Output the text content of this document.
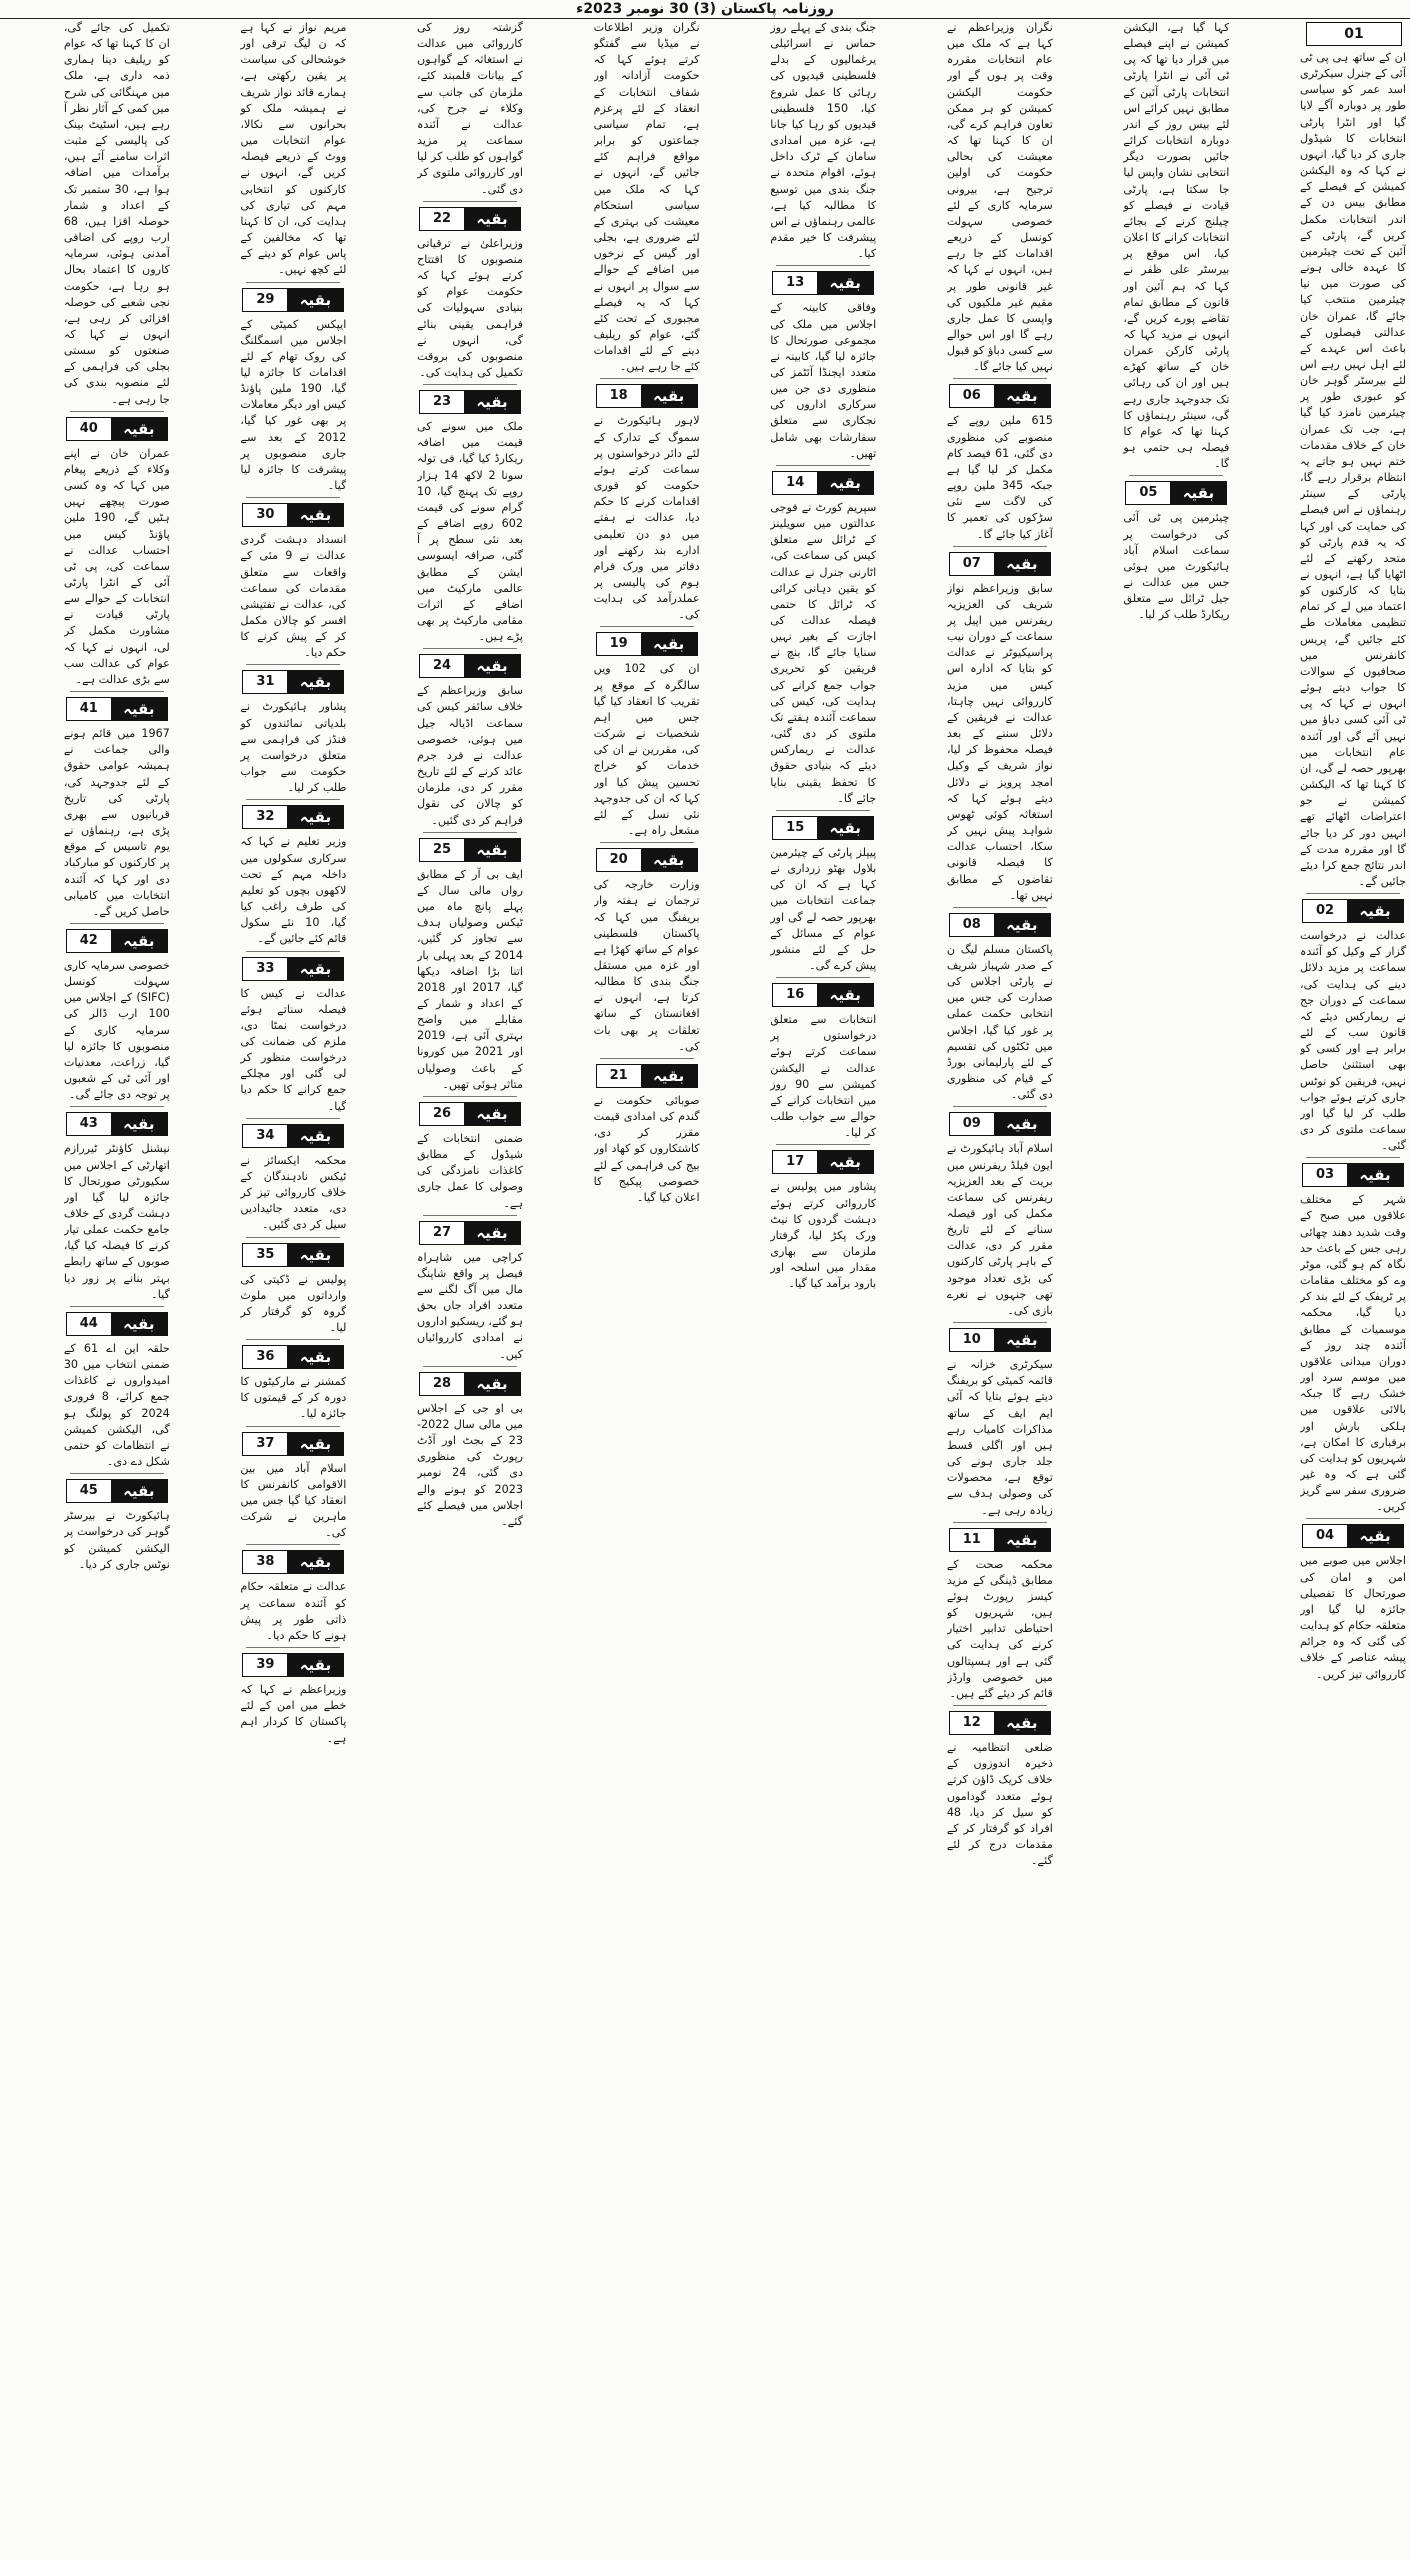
روزنامہ پاکستان (3) 30 نومبر 2023ء
01

ان کے ساتھ ہی پی ٹی آئی کے جنرل سیکرٹری اسد عمر کو سیاسی طور پر دوبارہ آگے لایا گیا اور انٹرا پارٹی انتخابات کا شیڈول جاری کر دیا گیا، انہوں نے کہا کہ وہ الیکشن کمیشن کے فیصلے کے مطابق بیس دن کے اندر انتخابات مکمل کریں گے، پارٹی کے آئین کے تحت چیئرمین کا عہدہ خالی ہونے کی صورت میں نیا چیئرمین منتخب کیا جائے گا، عمران خان عدالتی فیصلوں کے باعث اس عہدے کے لئے اہل نہیں رہے اس لئے بیرسٹر گوہر خان کو عبوری طور پر چیئرمین نامزد کیا گیا ہے، جب تک عمران خان کے خلاف مقدمات ختم نہیں ہو جاتے یہ انتظام برقرار رہے گا، پارٹی کے سینئر رہنماؤں نے اس فیصلے کی حمایت کی اور کہا کہ یہ قدم پارٹی کو متحد رکھنے کے لئے اٹھایا گیا ہے، انہوں نے بتایا کہ کارکنوں کو اعتماد میں لے کر تمام تنظیمی معاملات طے کئے جائیں گے، پریس کانفرنس میں صحافیوں کے سوالات کا جواب دیتے ہوئے انہوں نے کہا کہ پی ٹی آئی کسی دباؤ میں نہیں آئے گی اور آئندہ عام انتخابات میں بھرپور حصہ لے گی، ان کا کہنا تھا کہ الیکشن کمیشن نے جو اعتراضات اٹھائے تھے انہیں دور کر دیا جائے گا اور مقررہ مدت کے اندر نتائج جمع کرا دیئے جائیں گے۔

بقیہ
02

عدالت نے درخواست گزار کے وکیل کو آئندہ سماعت پر مزید دلائل دینے کی ہدایت کی، سماعت کے دوران جج نے ریمارکس دیئے کہ قانون سب کے لئے برابر ہے اور کسی کو بھی استثنیٰ حاصل نہیں، فریقین کو نوٹس جاری کرتے ہوئے جواب طلب کر لیا گیا اور سماعت ملتوی کر دی گئی۔

بقیہ
03

شہر کے مختلف علاقوں میں صبح کے وقت شدید دھند چھائی رہی جس کے باعث حد نگاہ کم ہو گئی، موٹر وے کو مختلف مقامات پر ٹریفک کے لئے بند کر دیا گیا، محکمہ موسمیات کے مطابق آئندہ چند روز کے دوران میدانی علاقوں میں موسم سرد اور خشک رہے گا جبکہ بالائی علاقوں میں ہلکی بارش اور برفباری کا امکان ہے، شہریوں کو ہدایت کی گئی ہے کہ وہ غیر ضروری سفر سے گریز کریں۔

بقیہ
04

اجلاس میں صوبے میں امن و امان کی صورتحال کا تفصیلی جائزہ لیا گیا اور متعلقہ حکام کو ہدایت کی گئی کہ وہ جرائم پیشہ عناصر کے خلاف کارروائی تیز کریں۔

کہا گیا ہے، الیکشن کمیشن نے اپنے فیصلے میں قرار دیا تھا کہ پی ٹی آئی نے انٹرا پارٹی انتخابات پارٹی آئین کے مطابق نہیں کرائے اس لئے بیس روز کے اندر دوبارہ انتخابات کرائے جائیں بصورت دیگر انتخابی نشان واپس لیا جا سکتا ہے، پارٹی قیادت نے فیصلے کو چیلنج کرنے کے بجائے انتخابات کرانے کا اعلان کیا، اس موقع پر بیرسٹر علی ظفر نے کہا کہ ہم آئین اور قانون کے مطابق تمام تقاضے پورے کریں گے، انہوں نے مزید کہا کہ پارٹی کارکن عمران خان کے ساتھ کھڑے ہیں اور ان کی رہائی تک جدوجہد جاری رہے گی، سینئر رہنماؤں کا کہنا تھا کہ عوام کا فیصلہ ہی حتمی ہو گا۔

بقیہ
05

چیئرمین پی ٹی آئی کی درخواست پر سماعت اسلام آباد ہائیکورٹ میں ہوئی جس میں عدالت نے جیل ٹرائل سے متعلق ریکارڈ طلب کر لیا۔

نگران وزیراعظم نے کہا ہے کہ ملک میں عام انتخابات مقررہ وقت پر ہوں گے اور حکومت الیکشن کمیشن کو ہر ممکن تعاون فراہم کرے گی، ان کا کہنا تھا کہ معیشت کی بحالی حکومت کی اولین ترجیح ہے، بیرونی سرمایہ کاری کے لئے خصوصی سہولت کونسل کے ذریعے اقدامات کئے جا رہے ہیں، انہوں نے کہا کہ غیر قانونی طور پر مقیم غیر ملکیوں کی واپسی کا عمل جاری رہے گا اور اس حوالے سے کسی دباؤ کو قبول نہیں کیا جائے گا۔

بقیہ
06

615 ملین روپے کے منصوبے کی منظوری دی گئی، 61 فیصد کام مکمل کر لیا گیا ہے جبکہ 345 ملین روپے کی لاگت سے نئی سڑکوں کی تعمیر کا آغاز کیا جائے گا۔

بقیہ
07

سابق وزیراعظم نواز شریف کی العزیزیہ ریفرنس میں اپیل پر سماعت کے دوران نیب پراسیکیوٹر نے عدالت کو بتایا کہ ادارہ اس کیس میں مزید کارروائی نہیں چاہتا، عدالت نے فریقین کے دلائل سننے کے بعد فیصلہ محفوظ کر لیا، نواز شریف کے وکیل امجد پرویز نے دلائل دیتے ہوئے کہا کہ استغاثہ کوئی ٹھوس شواہد پیش نہیں کر سکا، احتساب عدالت کا فیصلہ قانونی تقاضوں کے مطابق نہیں تھا۔

بقیہ
08

پاکستان مسلم لیگ ن کے صدر شہباز شریف نے پارٹی اجلاس کی صدارت کی جس میں انتخابی حکمت عملی پر غور کیا گیا، اجلاس میں ٹکٹوں کی تقسیم کے لئے پارلیمانی بورڈ کے قیام کی منظوری دی گئی۔

بقیہ
09

اسلام آباد ہائیکورٹ نے ایون فیلڈ ریفرنس میں بریت کے بعد العزیزیہ ریفرنس کی سماعت مکمل کی اور فیصلہ سنانے کے لئے تاریخ مقرر کر دی، عدالت کے باہر پارٹی کارکنوں کی بڑی تعداد موجود تھی جنہوں نے نعرے بازی کی۔

بقیہ
10

سیکرٹری خزانہ نے قائمہ کمیٹی کو بریفنگ دیتے ہوئے بتایا کہ آئی ایم ایف کے ساتھ مذاکرات کامیاب رہے ہیں اور اگلی قسط جلد جاری ہونے کی توقع ہے، محصولات کی وصولی ہدف سے زیادہ رہی ہے۔

بقیہ
11

محکمہ صحت کے مطابق ڈینگی کے مزید کیسز رپورٹ ہوئے ہیں، شہریوں کو احتیاطی تدابیر اختیار کرنے کی ہدایت کی گئی ہے اور ہسپتالوں میں خصوصی وارڈز قائم کر دیئے گئے ہیں۔

بقیہ
12

ضلعی انتظامیہ نے ذخیرہ اندوزوں کے خلاف کریک ڈاؤن کرتے ہوئے متعدد گوداموں کو سیل کر دیا، 48 افراد کو گرفتار کر کے مقدمات درج کر لئے گئے۔

جنگ بندی کے پہلے روز حماس نے اسرائیلی یرغمالیوں کے بدلے فلسطینی قیدیوں کی رہائی کا عمل شروع کیا، 150 فلسطینی قیدیوں کو رہا کیا جانا ہے، غزہ میں امدادی سامان کے ٹرک داخل ہوئے، اقوام متحدہ نے جنگ بندی میں توسیع کا مطالبہ کیا ہے، عالمی رہنماؤں نے اس پیشرفت کا خیر مقدم کیا۔

بقیہ
13

وفاقی کابینہ کے اجلاس میں ملک کی مجموعی صورتحال کا جائزہ لیا گیا، کابینہ نے متعدد ایجنڈا آئٹمز کی منظوری دی جن میں سرکاری اداروں کی نجکاری سے متعلق سفارشات بھی شامل تھیں۔

بقیہ
14

سپریم کورٹ نے فوجی عدالتوں میں سویلینز کے ٹرائل سے متعلق کیس کی سماعت کی، اٹارنی جنرل نے عدالت کو یقین دہانی کرائی کہ ٹرائل کا حتمی فیصلہ عدالت کی اجازت کے بغیر نہیں سنایا جائے گا، بنچ نے فریقین کو تحریری جواب جمع کرانے کی ہدایت کی، کیس کی سماعت آئندہ ہفتے تک ملتوی کر دی گئی، عدالت نے ریمارکس دیئے کہ بنیادی حقوق کا تحفظ یقینی بنایا جائے گا۔

بقیہ
15

پیپلز پارٹی کے چیئرمین بلاول بھٹو زرداری نے کہا ہے کہ ان کی جماعت انتخابات میں بھرپور حصہ لے گی اور عوام کے مسائل کے حل کے لئے منشور پیش کرے گی۔

بقیہ
16

انتخابات سے متعلق درخواستوں پر سماعت کرتے ہوئے عدالت نے الیکشن کمیشن سے 90 روز میں انتخابات کرانے کے حوالے سے جواب طلب کر لیا۔

بقیہ
17

پشاور میں پولیس نے کارروائی کرتے ہوئے دہشت گردوں کا نیٹ ورک پکڑ لیا، گرفتار ملزمان سے بھاری مقدار میں اسلحہ اور بارود برآمد کیا گیا۔

نگران وزیر اطلاعات نے میڈیا سے گفتگو کرتے ہوئے کہا کہ حکومت آزادانہ اور شفاف انتخابات کے انعقاد کے لئے پرعزم ہے، تمام سیاسی جماعتوں کو برابر مواقع فراہم کئے جائیں گے، انہوں نے کہا کہ ملک میں سیاسی استحکام معیشت کی بہتری کے لئے ضروری ہے، بجلی اور گیس کے نرخوں میں اضافے کے حوالے سے سوال پر انہوں نے کہا کہ یہ فیصلے مجبوری کے تحت کئے گئے، عوام کو ریلیف دینے کے لئے اقدامات کئے جا رہے ہیں۔

بقیہ
18

لاہور ہائیکورٹ نے سموگ کے تدارک کے لئے دائر درخواستوں پر سماعت کرتے ہوئے حکومت کو فوری اقدامات کرنے کا حکم دیا، عدالت نے ہفتے میں دو دن تعلیمی ادارے بند رکھنے اور دفاتر میں ورک فرام ہوم کی پالیسی پر عملدرآمد کی ہدایت کی۔

بقیہ
19

ان کی 102 ویں سالگرہ کے موقع پر تقریب کا انعقاد کیا گیا جس میں اہم شخصیات نے شرکت کی، مقررین نے ان کی خدمات کو خراج تحسین پیش کیا اور کہا کہ ان کی جدوجہد نئی نسل کے لئے مشعل راہ ہے۔

بقیہ
20

وزارت خارجہ کی ترجمان نے ہفتہ وار بریفنگ میں کہا کہ پاکستان فلسطینی عوام کے ساتھ کھڑا ہے اور غزہ میں مستقل جنگ بندی کا مطالبہ کرتا ہے، انہوں نے افغانستان کے ساتھ تعلقات پر بھی بات کی۔

بقیہ
21

صوبائی حکومت نے گندم کی امدادی قیمت مقرر کر دی، کاشتکاروں کو کھاد اور بیج کی فراہمی کے لئے خصوصی پیکیج کا اعلان کیا گیا۔

گزشتہ روز کی کارروائی میں عدالت نے استغاثہ کے گواہوں کے بیانات قلمبند کئے، ملزمان کی جانب سے وکلاء نے جرح کی، عدالت نے آئندہ سماعت پر مزید گواہوں کو طلب کر لیا اور کارروائی ملتوی کر دی گئی۔

بقیہ
22

وزیراعلیٰ نے ترقیاتی منصوبوں کا افتتاح کرتے ہوئے کہا کہ حکومت عوام کو بنیادی سہولیات کی فراہمی یقینی بنائے گی، انہوں نے منصوبوں کی بروقت تکمیل کی ہدایت کی۔

بقیہ
23

ملک میں سونے کی قیمت میں اضافہ ریکارڈ کیا گیا، فی تولہ سونا 2 لاکھ 14 ہزار روپے تک پہنچ گیا، 10 گرام سونے کی قیمت 602 روپے اضافے کے بعد نئی سطح پر آ گئی، صرافہ ایسوسی ایشن کے مطابق عالمی مارکیٹ میں اضافے کے اثرات مقامی مارکیٹ پر بھی پڑے ہیں۔

بقیہ
24

سابق وزیراعظم کے خلاف سائفر کیس کی سماعت اڈیالہ جیل میں ہوئی، خصوصی عدالت نے فرد جرم عائد کرنے کے لئے تاریخ مقرر کر دی، ملزمان کو چالان کی نقول فراہم کر دی گئیں۔

بقیہ
25

ایف بی آر کے مطابق رواں مالی سال کے پہلے پانچ ماہ میں ٹیکس وصولیاں ہدف سے تجاوز کر گئیں، 2014 کے بعد پہلی بار اتنا بڑا اضافہ دیکھا گیا، 2017 اور 2018 کے اعداد و شمار کے مقابلے میں واضح بہتری آئی ہے، 2019 اور 2021 میں کورونا کے باعث وصولیاں متاثر ہوئی تھیں۔

بقیہ
26

ضمنی انتخابات کے شیڈول کے مطابق کاغذات نامزدگی کی وصولی کا عمل جاری ہے۔

بقیہ
27

کراچی میں شاہراہ فیصل پر واقع شاپنگ مال میں آگ لگنے سے متعدد افراد جاں بحق ہو گئے، ریسکیو اداروں نے امدادی کارروائیاں کیں۔

بقیہ
28

بی او جی کے اجلاس میں مالی سال 2022-23 کے بجٹ اور آڈٹ رپورٹ کی منظوری دی گئی، 24 نومبر 2023 کو ہونے والے اجلاس میں فیصلے کئے گئے۔

مریم نواز نے کہا ہے کہ ن لیگ ترقی اور خوشحالی کی سیاست پر یقین رکھتی ہے، ہمارے قائد نواز شریف نے ہمیشہ ملک کو بحرانوں سے نکالا، عوام انتخابات میں ووٹ کے ذریعے فیصلہ کریں گے، انہوں نے کارکنوں کو انتخابی مہم کی تیاری کی ہدایت کی، ان کا کہنا تھا کہ مخالفین کے پاس عوام کو دینے کے لئے کچھ نہیں۔

بقیہ
29

ایپکس کمیٹی کے اجلاس میں اسمگلنگ کی روک تھام کے لئے اقدامات کا جائزہ لیا گیا، 190 ملین پاؤنڈ کیس اور دیگر معاملات پر بھی غور کیا گیا، 2012 کے بعد سے جاری منصوبوں پر پیشرفت کا جائزہ لیا گیا۔

بقیہ
30

انسداد دہشت گردی عدالت نے 9 مئی کے واقعات سے متعلق مقدمات کی سماعت کی، عدالت نے تفتیشی افسر کو چالان مکمل کر کے پیش کرنے کا حکم دیا۔

بقیہ
31

پشاور ہائیکورٹ نے بلدیاتی نمائندوں کو فنڈز کی فراہمی سے متعلق درخواست پر حکومت سے جواب طلب کر لیا۔

بقیہ
32

وزیر تعلیم نے کہا کہ سرکاری سکولوں میں داخلہ مہم کے تحت لاکھوں بچوں کو تعلیم کی طرف راغب کیا گیا، 10 نئے سکول قائم کئے جائیں گے۔

بقیہ
33

عدالت نے کیس کا فیصلہ سناتے ہوئے درخواست نمٹا دی، ملزم کی ضمانت کی درخواست منظور کر لی گئی اور مچلکے جمع کرانے کا حکم دیا گیا۔

بقیہ
34

محکمہ ایکسائز نے ٹیکس نادہندگان کے خلاف کارروائی تیز کر دی، متعدد جائیدادیں سیل کر دی گئیں۔

بقیہ
35

پولیس نے ڈکیتی کی وارداتوں میں ملوث گروہ کو گرفتار کر لیا۔

بقیہ
36

کمشنر نے مارکیٹوں کا دورہ کر کے قیمتوں کا جائزہ لیا۔

بقیہ
37

اسلام آباد میں بین الاقوامی کانفرنس کا انعقاد کیا گیا جس میں ماہرین نے شرکت کی۔

بقیہ
38

عدالت نے متعلقہ حکام کو آئندہ سماعت پر ذاتی طور پر پیش ہونے کا حکم دیا۔

بقیہ
39

وزیراعظم نے کہا کہ خطے میں امن کے لئے پاکستان کا کردار اہم ہے۔

تکمیل کی جائے گی، ان کا کہنا تھا کہ عوام کو ریلیف دینا ہماری ذمہ داری ہے، ملک میں مہنگائی کی شرح میں کمی کے آثار نظر آ رہے ہیں، اسٹیٹ بینک کی پالیسی کے مثبت اثرات سامنے آئے ہیں، برآمدات میں اضافہ ہوا ہے، 30 ستمبر تک کے اعداد و شمار حوصلہ افزا ہیں، 68 ارب روپے کی اضافی آمدنی ہوئی، سرمایہ کاروں کا اعتماد بحال ہو رہا ہے، حکومت نجی شعبے کی حوصلہ افزائی کر رہی ہے، انہوں نے کہا کہ صنعتوں کو سستی بجلی کی فراہمی کے لئے منصوبہ بندی کی جا رہی ہے۔

بقیہ
40

عمران خان نے اپنے وکلاء کے ذریعے پیغام میں کہا کہ وہ کسی صورت پیچھے نہیں ہٹیں گے، 190 ملین پاؤنڈ کیس میں احتساب عدالت نے سماعت کی، پی ٹی آئی کے انٹرا پارٹی انتخابات کے حوالے سے پارٹی قیادت نے مشاورت مکمل کر لی، انہوں نے کہا کہ عوام کی عدالت سب سے بڑی عدالت ہے۔

بقیہ
41

1967 میں قائم ہونے والی جماعت نے ہمیشہ عوامی حقوق کے لئے جدوجہد کی، پارٹی کی تاریخ قربانیوں سے بھری پڑی ہے، رہنماؤں نے یوم تاسیس کے موقع پر کارکنوں کو مبارکباد دی اور کہا کہ آئندہ انتخابات میں کامیابی حاصل کریں گے۔

بقیہ
42

خصوصی سرمایہ کاری سہولت کونسل (SIFC) کے اجلاس میں 100 ارب ڈالر کی سرمایہ کاری کے منصوبوں کا جائزہ لیا گیا، زراعت، معدنیات اور آئی ٹی کے شعبوں پر توجہ دی جائے گی۔

بقیہ
43

نیشنل کاؤنٹر ٹیررازم اتھارٹی کے اجلاس میں سکیورٹی صورتحال کا جائزہ لیا گیا اور دہشت گردی کے خلاف جامع حکمت عملی تیار کرنے کا فیصلہ کیا گیا، صوبوں کے ساتھ رابطے بہتر بنانے پر زور دیا گیا۔

بقیہ
44

حلقہ این اے 61 کے ضمنی انتخاب میں 30 امیدواروں نے کاغذات جمع کرائے، 8 فروری 2024 کو پولنگ ہو گی، الیکشن کمیشن نے انتظامات کو حتمی شکل دے دی۔

بقیہ
45

ہائیکورٹ نے بیرسٹر گوہر کی درخواست پر الیکشن کمیشن کو نوٹس جاری کر دیا۔
